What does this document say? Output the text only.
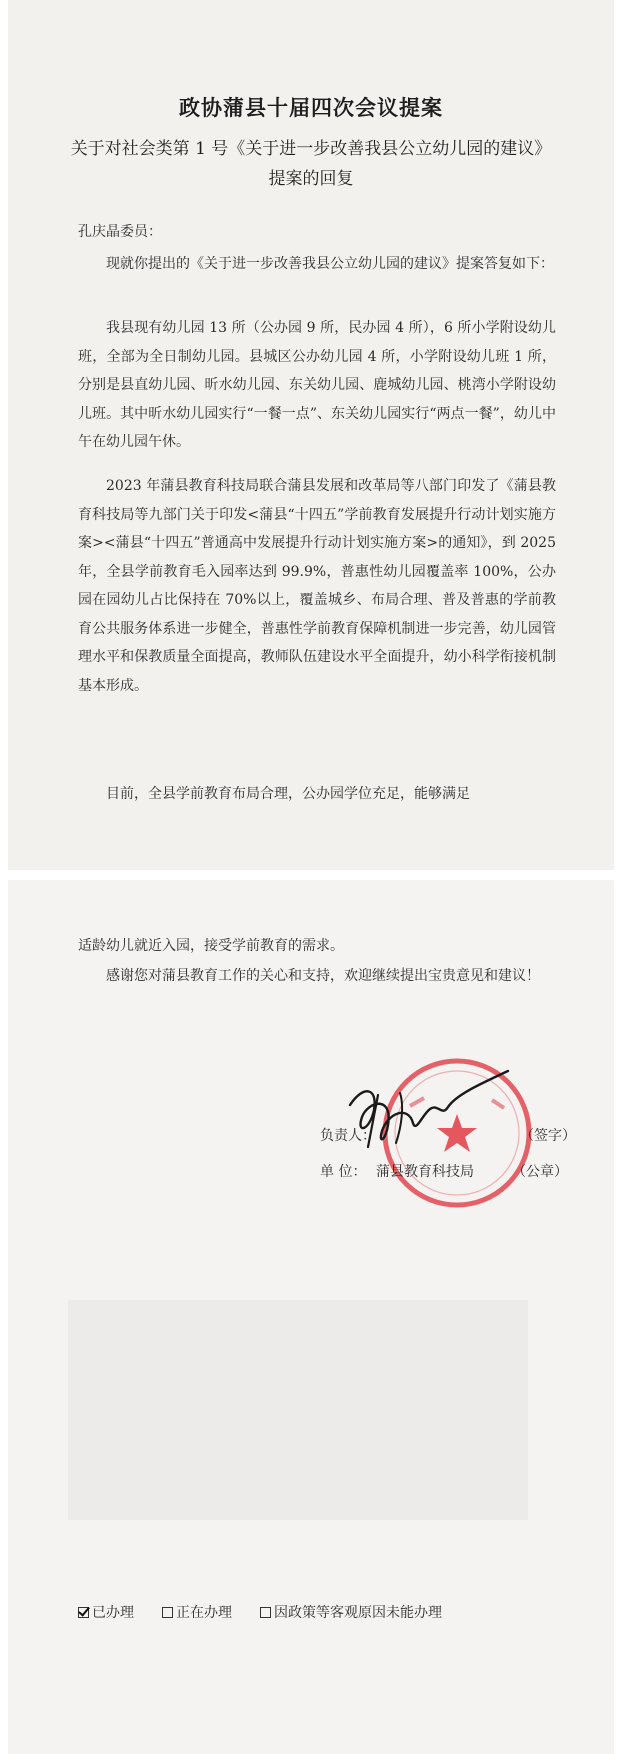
政协蒲县十届四次会议提案
关于对社会类第 1 号《关于进一步改善我县公立幼儿园的建议》提案的回复
孔庆晶委员：
现就你提出的《关于进一步改善我县公立幼儿园的建议》提案答复如下：
我县现有幼儿园 13 所（公办园 9 所，民办园 4 所），6 所小学附设幼儿班，全部为全日制幼儿园。县城区公办幼儿园 4 所，小学附设幼儿班 1 所，分别是县直幼儿园、昕水幼儿园、东关幼儿园、鹿城幼儿园、桃湾小学附设幼儿班。其中昕水幼儿园实行“一餐一点”、东关幼儿园实行“两点一餐”，幼儿中午在幼儿园午休。
2023 年蒲县教育科技局联合蒲县发展和改革局等八部门印发了《蒲县教育科技局等九部门关于印发<蒲县“十四五”学前教育发展提升行动计划实施方案><蒲县“十四五”普通高中发展提升行动计划实施方案>的通知》，到 2025 年，全县学前教育毛入园率达到 99.9%，普惠性幼儿园覆盖率 100%，公办园在园幼儿占比保持在 70%以上，覆盖城乡、布局合理、普及普惠的学前教育公共服务体系进一步健全，普惠性学前教育保障机制进一步完善，幼儿园管理水平和保教质量全面提高，教师队伍建设水平全面提升，幼小科学衔接机制基本形成。
目前，全县学前教育布局合理，公办园学位充足，能够满足
适龄幼儿就近入园，接受学前教育的需求。
感谢您对蒲县教育工作的关心和支持，欢迎继续提出宝贵意见和建议！
负责人：	（签字）
单 位： 蒲县教育科技局	（公章）
已办理	正在办理	因政策等客观原因未能办理
